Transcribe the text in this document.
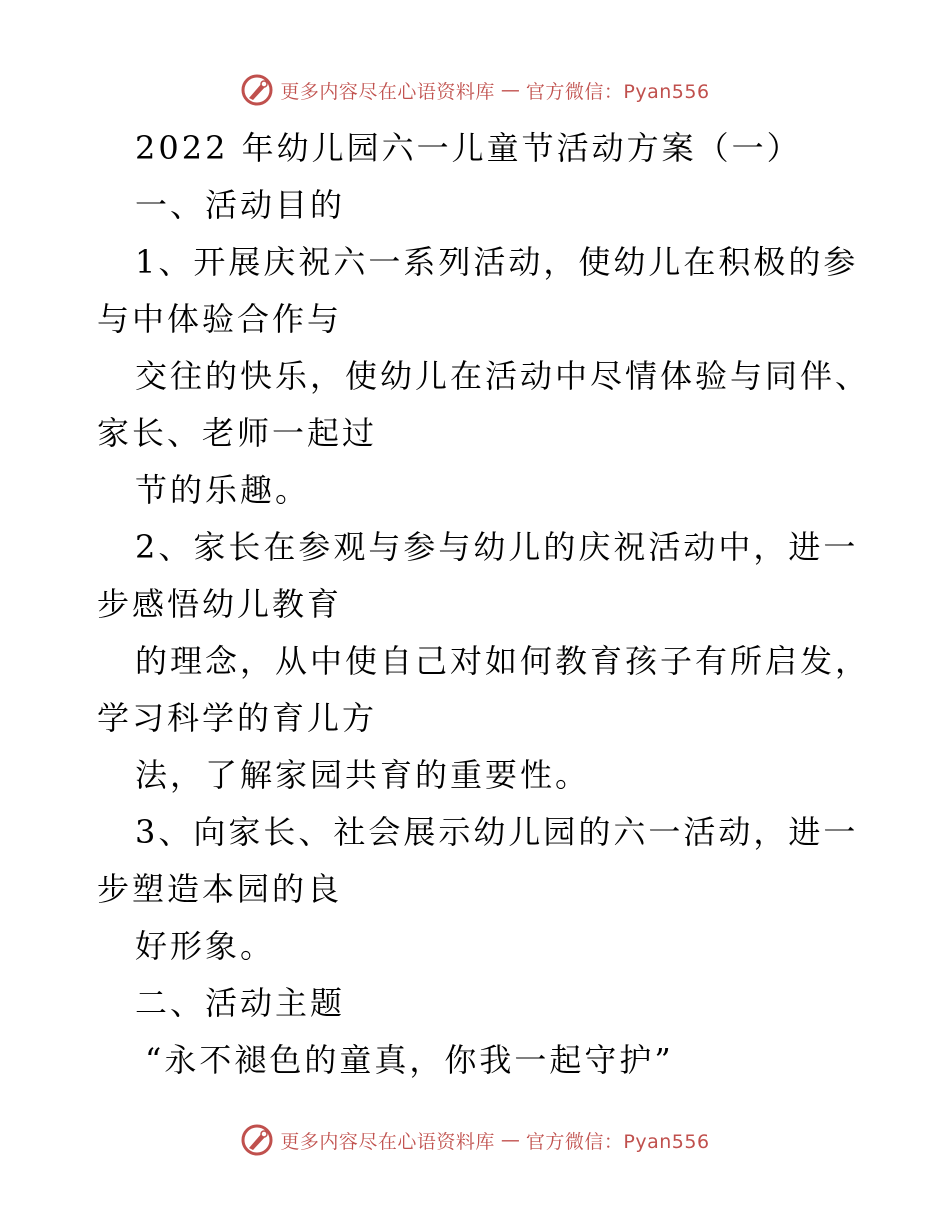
更多内容尽在心语资料库 — 官方微信：Pyan556
2022 年幼儿园六一儿童节活动方案（一）
一、活动目的
1、开展庆祝六一系列活动，使幼儿在积极的参
与中体验合作与
交往的快乐，使幼儿在活动中尽情体验与同伴、
家长、老师一起过
节的乐趣。
2、家长在参观与参与幼儿的庆祝活动中，进一
步感悟幼儿教育
的理念，从中使自己对如何教育孩子有所启发，
学习科学的育儿方
法，了解家园共育的重要性。
3、向家长、社会展示幼儿园的六一活动，进一
步塑造本园的良
好形象。
二、活动主题
“永不褪色的童真，你我一起守护”
更多内容尽在心语资料库 — 官方微信：Pyan556
